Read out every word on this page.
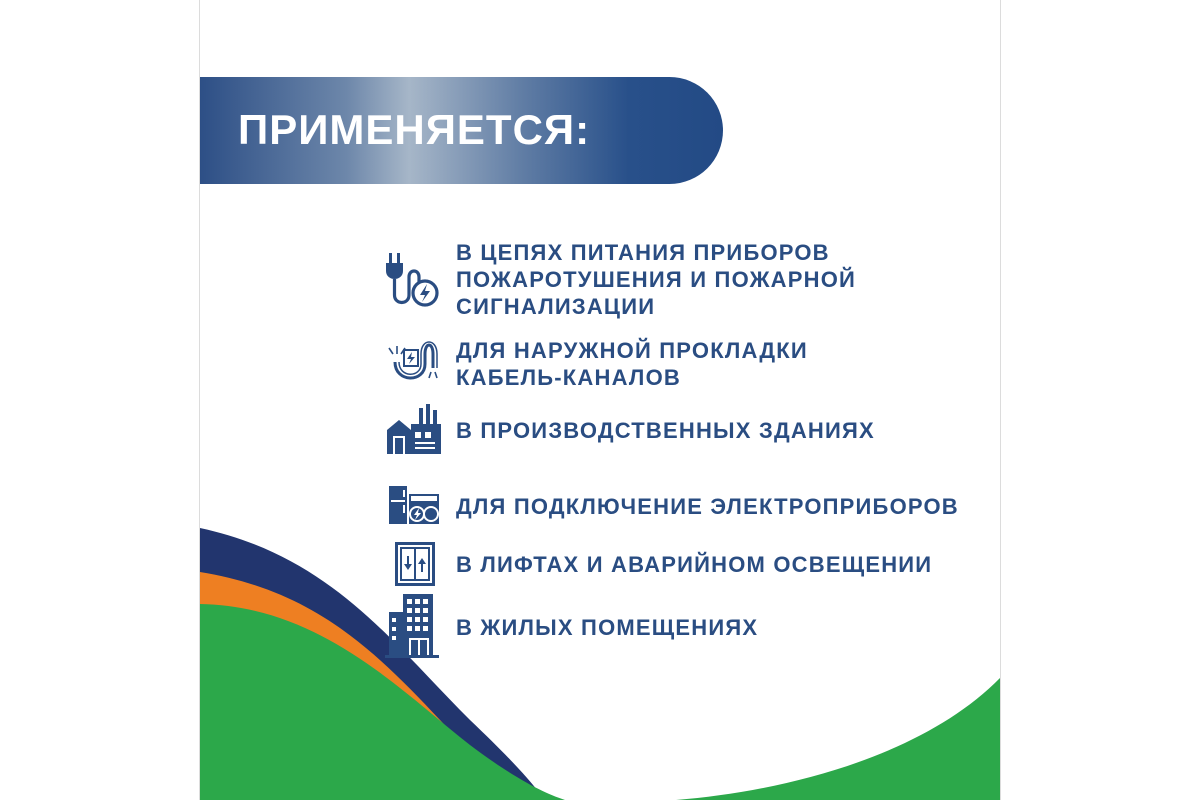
ПРИМЕНЯЕТСЯ:
В ЦЕПЯХ ПИТАНИЯ ПРИБОРОВ
ПОЖАРОТУШЕНИЯ И ПОЖАРНОЙ
СИГНАЛИЗАЦИИ
ДЛЯ НАРУЖНОЙ ПРОКЛАДКИ
КАБЕЛЬ-КАНАЛОВ
В ПРОИЗВОДСТВЕННЫХ ЗДАНИЯХ
ДЛЯ ПОДКЛЮЧЕНИЕ ЭЛЕКТРОПРИБОРОВ
В ЛИФТАХ И АВАРИЙНОМ ОСВЕЩЕНИИ
В ЖИЛЫХ ПОМЕЩЕНИЯХ
